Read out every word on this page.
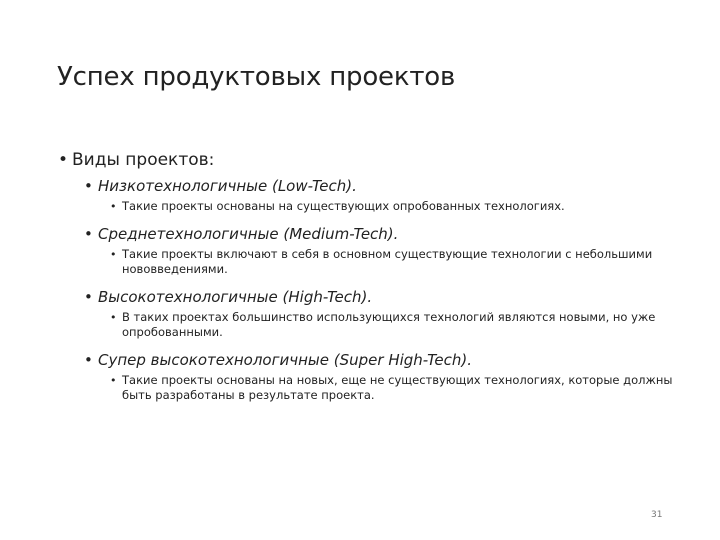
Успех продуктовых проектов
• Виды проектов:
• Низкотехнологичные (Low-Tech).
• Такие проекты основаны на существующих опробованных технологиях.
• Среднетехнологичные (Medium-Tech).
• Такие проекты включают в себя в основном существующие технологии с небольшими нововведениями.
• Высокотехнологичные (High-Tech).
• В таких проектах большинство использующихся технологий являются новыми, но уже опробованными.
• Супер высокотехнологичные (Super High-Tech).
• Такие проекты основаны на новых, еще не существующих технологиях, которые должны быть разработаны в результате проекта.
31
